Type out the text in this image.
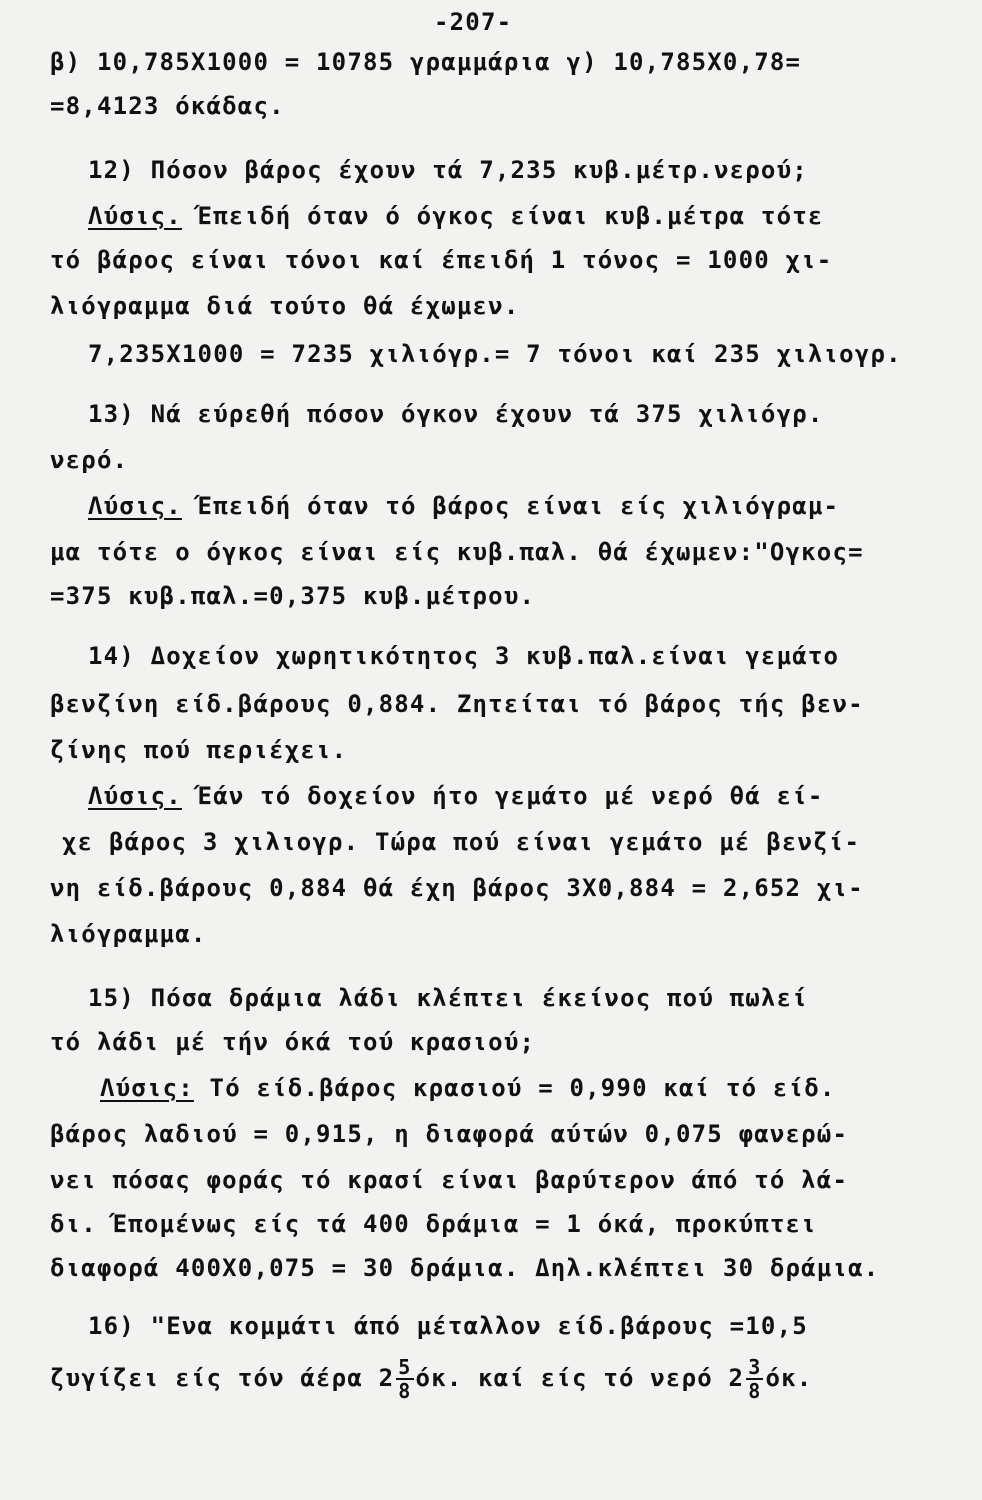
-207-

β) 10,785Χ1000 = 10785 γραμμάρια γ) 10,785Χ0,78=

=8,4123 όκάδας.

12) Πόσον βάρος έχουν τά 7,235 κυβ.μέτρ.νερού;

Λύσις. Έπειδή όταν ό όγκος είναι κυβ.μέτρα τότε

τό βάρος είναι τόνοι καί έπειδή 1 τόνος = 1000 χι-

λιόγραμμα διά τούτο θά έχωμεν.

7,235Χ1000 = 7235 χιλιόγρ.= 7 τόνοι καί 235 χιλιογρ.

13) Νά εύρεθή πόσον όγκον έχουν τά 375 χιλιόγρ.

νερό.

Λύσις. Έπειδή όταν τό βάρος είναι είς χιλιόγραμ-

μα τότε ο όγκος είναι είς κυβ.παλ. θά έχωμεν:"Ογκος=

=375 κυβ.παλ.=0,375 κυβ.μέτρου.

14) Δοχείον χωρητικότητος 3 κυβ.παλ.είναι γεμάτο

βενζίνη είδ.βάρους 0,884. Ζητείται τό βάρος τής βεν-

ζίνης πού περιέχει.

Λύσις. Έάν τό δοχείον ήτο γεμάτο μέ νερό θά εί-

χε βάρος 3 χιλιογρ. Τώρα πού είναι γεμάτο μέ βενζί-

νη είδ.βάρους 0,884 θά έχη βάρος 3Χ0,884 = 2,652 χι-

λιόγραμμα.

15) Πόσα δράμια λάδι κλέπτει έκείνος πού πωλεί

τό λάδι μέ τήν όκά τού κρασιού;

Λύσις: Τό είδ.βάρος κρασιού = 0,990 καί τό είδ.

βάρος λαδιού = 0,915, η διαφορά αύτών 0,075 φανερώ-

νει πόσας φοράς τό κρασί είναι βαρύτερον άπό τό λά-

δι. Έπομένως είς τά 400 δράμια = 1 όκά, προκύπτει

διαφορά 400Χ0,075 = 30 δράμια. Δηλ.κλέπτει 30 δράμια.

16) "Ενα κομμάτι άπό μέταλλον είδ.βάρους =10,5

ζυγίζει είς τόν άέρα $2 \frac{5}{8} ό\kappa$. καί είς τό νερό $2 \frac{3}{8} ό\kappa$.
